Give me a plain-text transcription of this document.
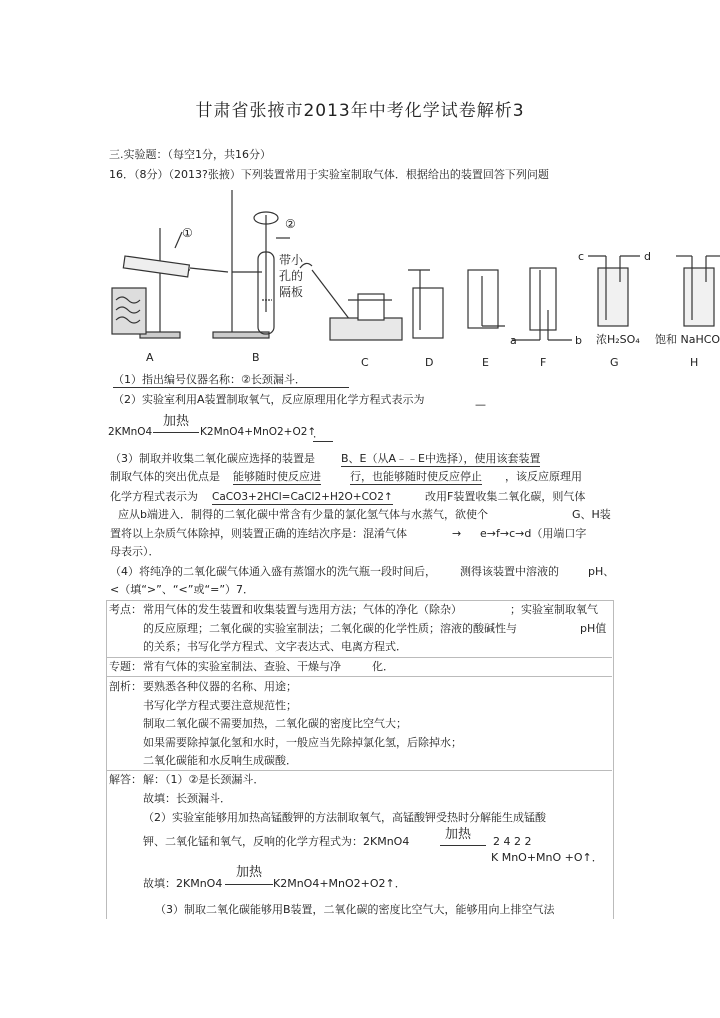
甘肃省张掖市2013年中考化学试卷解析3
三.实验题：（每空1分，共16分）
16．（8分）（2013?张掖）下列装置常用于实验室制取气体．根据给出的装置回答下列问题
①
②
带小
孔的
隔板
c	d
a	b 浓H₂SO₄ 饱和 NaHCO
A	B	C	D	E	F	G	H
（1）指出编号仪器名称：②长颈漏斗．
（2）实验室利用A装置制取氧气，反应原理用化学方程式表示为	—
加热
2KMnO4	K2MnO4+MnO2+O2↑
．
（3）制取并收集二氧化碳应选择的装置是 B、E（从A﹣﹣E中选择），使用该套装置
制取气体的突出优点是 能够随时使反应进	行，也能够随时使反应停止 ，该反应原理用
化学方程式表示为 CaCO3+2HCl=CaCl2+H2O+CO2↑	改用F装置收集二氧化碳，则气体
应从b端进入．制得的二氧化碳中常含有少量的氯化氢气体与水蒸气，欲使个	G、H装
置将以上杂质气体除掉，则装置正确的连结次序是：混淆气体	→ e→f→c→d（用端口字
母表示）．
（4）将纯净的二氧化碳气体通入盛有蒸馏水的洗气瓶一段时间后， 测得该装置中溶液的	pH、
<（填“>”、“<”或“=”）7．
考点： 常用气体的发生装置和收集装置与选用方法；气体的净化（除杂）	；实验室制取氧气
的反应原理；二氧化碳的实验室制法；二氧化碳的化学性质；溶液的酸碱性与	pH值
的关系；书写化学方程式、文字表达式、电离方程式．
专题： 常有气体的实验室制法、查验、干燥与净	化．
剖析： 要熟悉各种仪器的名称、用途；
书写化学方程式要注意规范性；
制取二氧化碳不需要加热，二氧化碳的密度比空气大；
如果需要除掉氯化氢和水时，一般应当先除掉氯化氢，后除掉水；
二氧化碳能和水反响生成碳酸．
解答： 解：（1）②是长颈漏斗．
故填：长颈漏斗．
（2）实验室能够用加热高锰酸钾的方法制取氧气，高锰酸钾受热时分解能生成锰酸
加热
钾、二氧化锰和氧气，反响的化学方程式为：2KMnO4	2 4 2 2
K MnO+MnO +O↑．
加热
故填：2KMnO4	K2MnO4+MnO2+O2↑．
（3）制取二氧化碳能够用B装置，二氧化碳的密度比空气大，能够用向上排空气法
